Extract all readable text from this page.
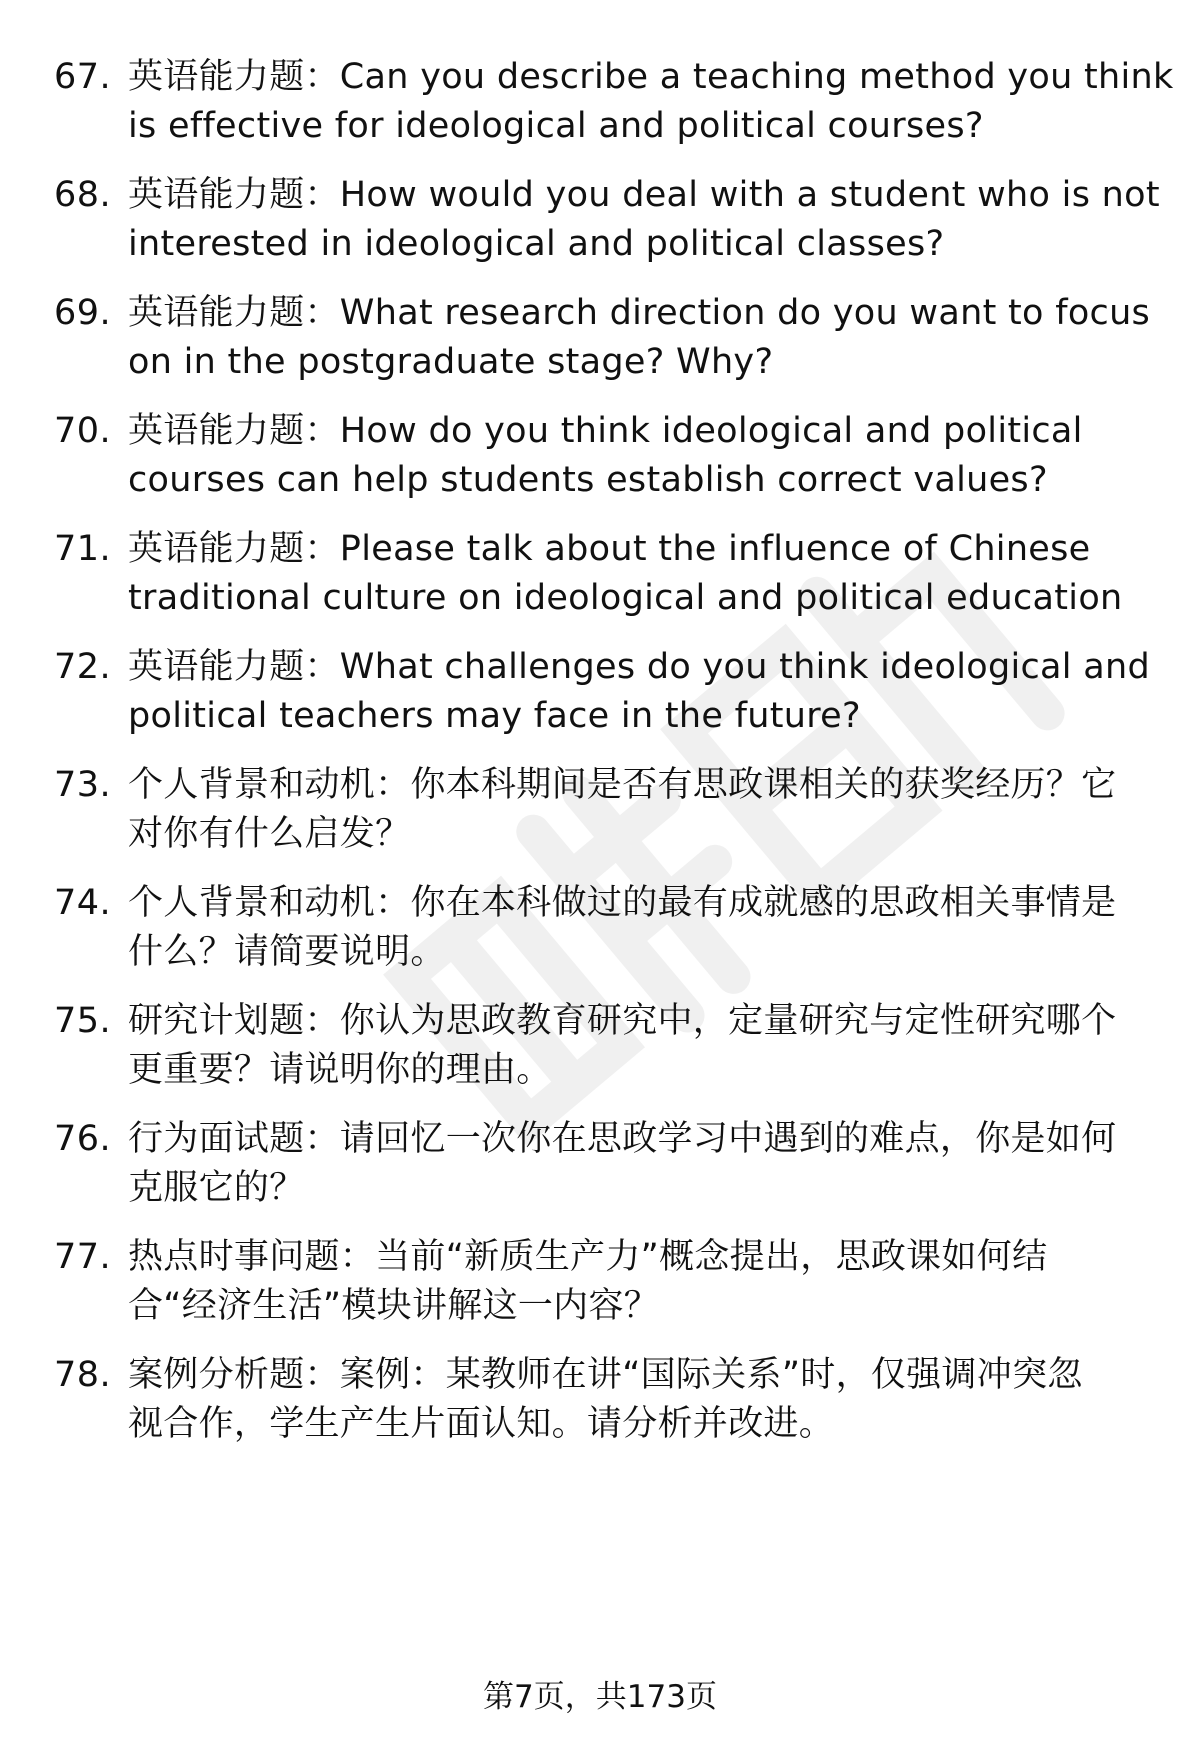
67. 英语能力题：Can you describe a teaching method you think
is effective for ideological and political courses?
68. 英语能力题：How would you deal with a student who is not
interested in ideological and political classes?
69. 英语能力题：What research direction do you want to focus
on in the postgraduate stage? Why?
70. 英语能力题：How do you think ideological and political
courses can help students establish correct values?
71. 英语能力题：Please talk about the influence of Chinese
traditional culture on ideological and political education
72. 英语能力题：What challenges do you think ideological and
political teachers may face in the future?
73. 个人背景和动机：你本科期间是否有思政课相关的获奖经历？它
对你有什么启发？
74. 个人背景和动机：你在本科做过的最有成就感的思政相关事情是
什么？请简要说明。
75. 研究计划题：你认为思政教育研究中，定量研究与定性研究哪个
更重要？请说明你的理由。
76. 行为面试题：请回忆一次你在思政学习中遇到的难点，你是如何
克服它的？
77. 热点时事问题：当前“新质生产力”概念提出，思政课如何结
合“经济生活”模块讲解这一内容？
78. 案例分析题：案例：某教师在讲“国际关系”时，仅强调冲突忽
视合作，学生产生片面认知。请分析并改进。
第7页，共173页
